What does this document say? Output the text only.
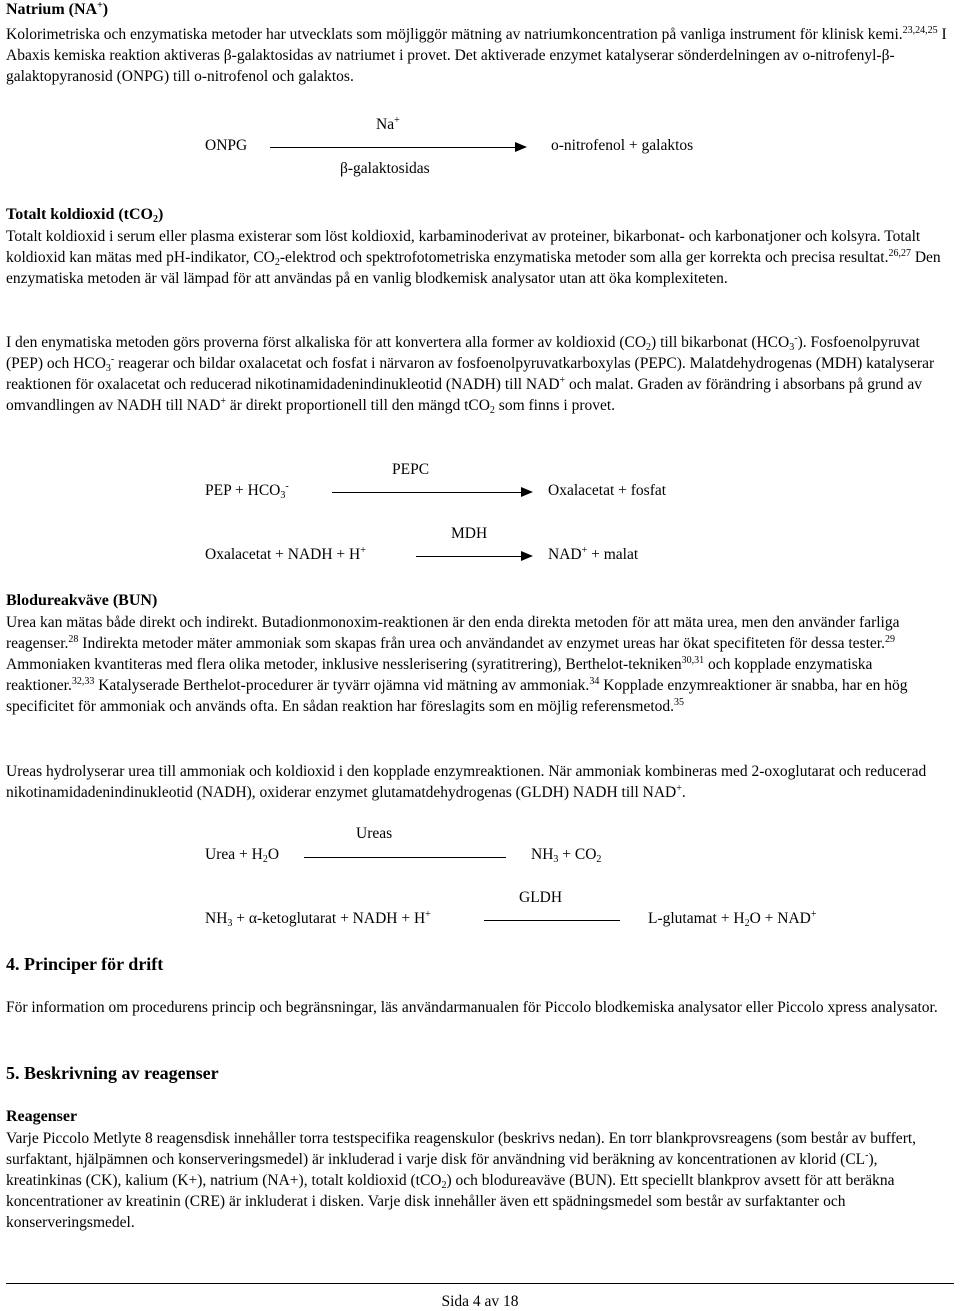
Natrium (NA+)

Kolorimetriska och enzymatiska metoder har utvecklats som möjliggör mätning av natriumkoncentration på vanliga instrument för klinisk kemi.$^{23,24,25}$ I Abaxis kemiska reaktion aktiveras β-galaktosidas av natriumet i provet. Det aktiverade enzymet katalyserar sönderdelningen av ο-nitrofenyl-β-galaktopyranosid (ONPG) till ο-nitrofenol och galaktos.

ONPG
Na+
β-galaktosidas
ο-nitrofenol + galaktos
Totalt koldioxid (tCO$_2$)

Totalt koldioxid i serum eller plasma existerar som löst koldioxid, karbaminoderivat av proteiner, bikarbonat- och karbonatjoner och kolsyra. Totalt koldioxid kan mätas med pH-indikator, $CO_2$-elektrod och spektrofotometriska enzymatiska metoder som alla ger korrekta och precisa resultat.$^{26,27}$ Den enzymatiska metoden är väl lämpad för att användas på en vanlig blodkemisk analysator utan att öka komplexiteten.

I den enymatiska metoden görs proverna först alkaliska för att konvertera alla former av koldioxid $(CO_2)$ till bikarbonat $(HCO_3^-)$. Fosfoenolpyruvat (PEP) och $HCO_3^-$ reagerar och bildar oxalacetat och fosfat i närvaron av fosfoenolpyruvatkarboxylas (PEPC). Malatdehydrogenas (MDH) katalyserar reaktionen för oxalacetat och reducerad nikotinamidadenindinukleotid (NADH) till NAD+ och malat. Graden av förändring i absorbans på grund av omvandlingen av NADH till NAD+ är direkt proportionell till den mängd tCO$_2$ som finns i provet.

PEPC
PEP + $HCO_3^-$	Oxalacetat + fosfat
MDH
Oxalacetat + NADH + H+	NAD+ + malat
Blodureakväve (BUN)

Urea kan mätas både direkt och indirekt. Butadionmonoxim-reaktionen är den enda direkta metoden för att mäta urea, men den använder farliga reagenser.$^{28}$ Indirekta metoder mäter ammoniak som skapas från urea och användandet av enzymet ureas har ökat specifiteten för dessa tester.$^{29}$ Ammoniaken kvantiteras med flera olika metoder, inklusive nesslerisering (syratitrering), Berthelot-tekniken$^{30,31}$ och kopplade enzymatiska reaktioner.$^{32,33}$ Katalyserade Berthelot-procedurer är tyvärr ojämna vid mätning av ammoniak.$^{34}$ Kopplade enzymreaktioner är snabba, har en hög specificitet för ammoniak och används ofta. En sådan reaktion har föreslagits som en möjlig referensmetod.$^{35}$

Ureas hydrolyserar urea till ammoniak och koldioxid i den kopplade enzymreaktionen. När ammoniak kombineras med 2-oxoglutarat och reducerad nikotinamidadenindinukleotid (NADH), oxiderar enzymet glutamatdehydrogenas (GLDH) NADH till NAD+.

Ureas
Urea + $H_2O$	$NH_3 + CO_2$
GLDH
$NH_3$ + α-ketoglutarat + NADH + H+	L-glutamat + $H_2O + NAD^+$
4. Principer för drift

För information om procedurens princip och begränsningar, läs användarmanualen för Piccolo blodkemiska analysator eller Piccolo xpress analysator.

5. Beskrivning av reagenser
Reagenser

Varje Piccolo Metlyte 8 reagensdisk innehåller torra testspecifika reagenskulor (beskrivs nedan). En torr blankprovsreagens (som består av buffert, surfaktant, hjälpämnen och konserveringsmedel) är inkluderad i varje disk för användning vid beräkning av koncentrationen av klorid (CL-), kreatinkinas (CK), kalium (K+), natrium (NA+), totalt koldioxid (tCO$_2$) och blodureaväve (BUN). Ett speciellt blankprov avsett för att beräkna koncentrationer av kreatinin (CRE) är inkluderat i disken. Varje disk innehåller även ett spädningsmedel som består av surfaktanter och konserveringsmedel.

Sida 4 av 18
